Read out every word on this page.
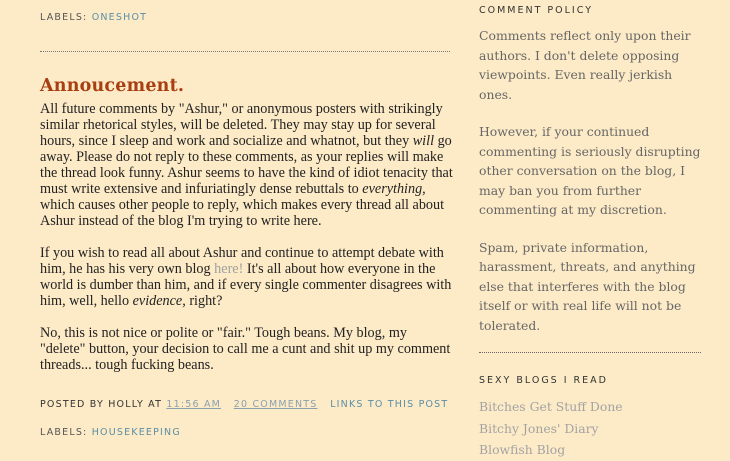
LABELS: ONESHOT
Annoucement.

All future comments by "Ashur," or anonymous posters with strikingly similar rhetorical styles, will be deleted. They may stay up for several hours, since I sleep and work and socialize and whatnot, but they will go away. Please do not reply to these comments, as your replies will make the thread look funny. Ashur seems to have the kind of idiot tenacity that must write extensive and infuriatingly dense rebuttals to everything, which causes other people to reply, which makes every thread all about Ashur instead of the blog I'm trying to write here.

If you wish to read all about Ashur and continue to attempt debate with him, he has his very own blog here! It's all about how everyone in the world is dumber than him, and if every single commenter disagrees with him, well, hello evidence, right?

No, this is not nice or polite or "fair." Tough beans. My blog, my "delete" button, your decision to call me a cunt and shit up my comment threads... tough fucking beans.

POSTED BY HOLLY AT 11:56 AM 20 COMMENTS LINKS TO THIS POST
LABELS: HOUSEKEEPING
COMMENT POLICY

Comments reflect only upon their authors. I don't delete opposing viewpoints. Even really jerkish ones.

However, if your continued commenting is seriously disrupting other conversation on the blog, I may ban you from further commenting at my discretion.

Spam, private information, harassment, threats, and anything else that interferes with the blog itself or with real life will not be tolerated.

SEXY BLOGS I READ
Bitches Get Stuff Done
Bitchy Jones' Diary
Blowfish Blog
